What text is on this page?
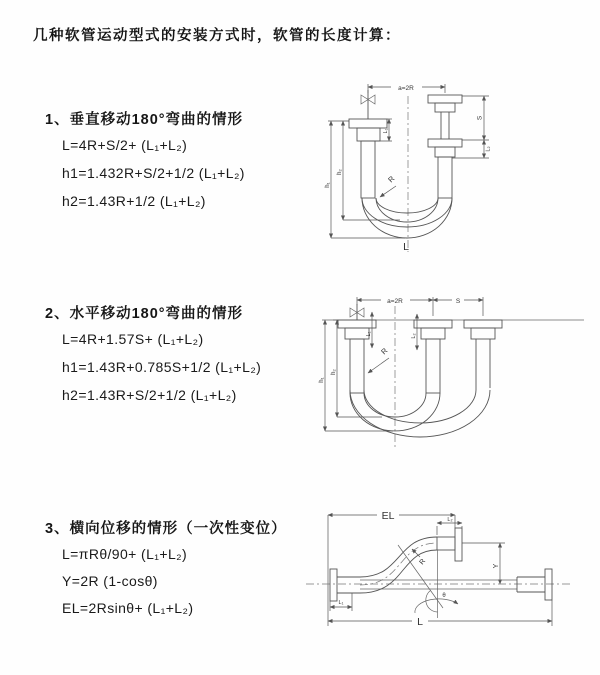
几种软管运动型式的安装方式时，软管的长度计算：
1、垂直移动180°弯曲的情形
L=4R+S/2+ (L₁+L₂)
h1=1.432R+S/2+1/2 (L₁+L₂)
h2=1.43R+1/2 (L₁+L₂)
2、水平移动180°弯曲的情形
L=4R+1.57S+ (L₁+L₂)
h1=1.43R+0.785S+1/2 (L₁+L₂)
h2=1.43R+S/2+1/2 (L₁+L₂)
3、横向位移的情形（一次性变位）
L=πRθ/90+ (L₁+L₂)
Y=2R (1-cosθ)
EL=2Rsinθ+ (L₁+L₂)
a=2R
h₁
h₂
L₁
S
L₂
R
L
a=2R	S
h₁
h₂
L₁	L₂
R
EL	L₂
Y
θ
R
L₁
L
